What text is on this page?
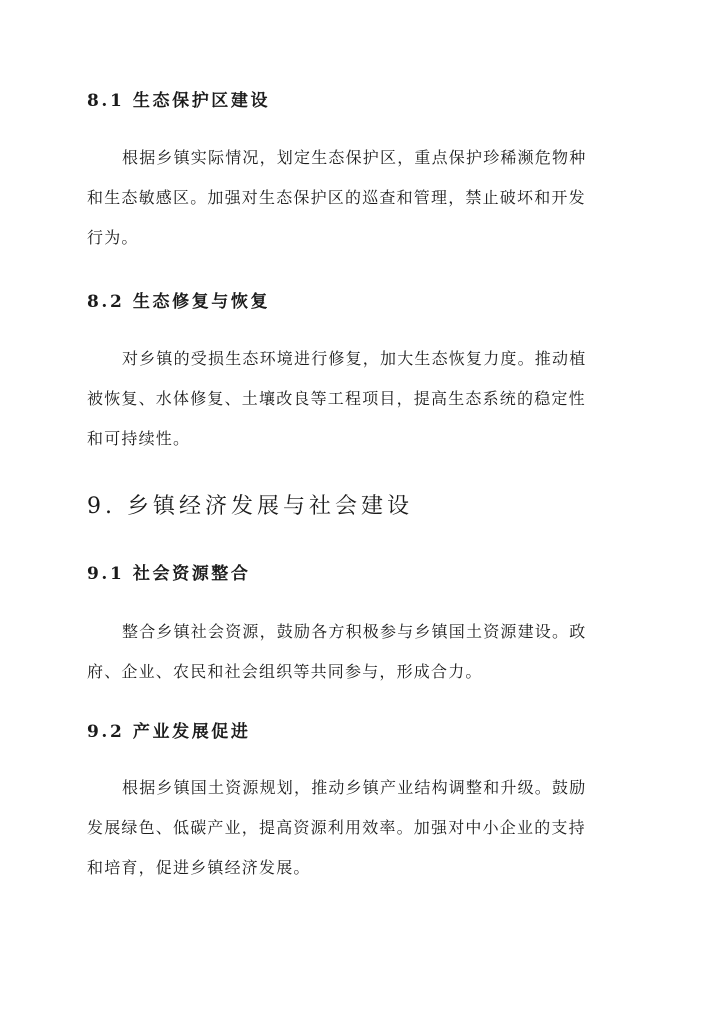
8.1 生态保护区建设
根据乡镇实际情况，划定生态保护区，重点保护珍稀濒危物种
和生态敏感区。加强对生态保护区的巡查和管理，禁止破坏和开发
行为。
8.2 生态修复与恢复
对乡镇的受损生态环境进行修复，加大生态恢复力度。推动植
被恢复、水体修复、土壤改良等工程项目，提高生态系统的稳定性
和可持续性。
9. 乡镇经济发展与社会建设
9.1 社会资源整合
整合乡镇社会资源，鼓励各方积极参与乡镇国土资源建设。政
府、企业、农民和社会组织等共同参与，形成合力。
9.2 产业发展促进
根据乡镇国土资源规划，推动乡镇产业结构调整和升级。鼓励
发展绿色、低碳产业，提高资源利用效率。加强对中小企业的支持
和培育，促进乡镇经济发展。
